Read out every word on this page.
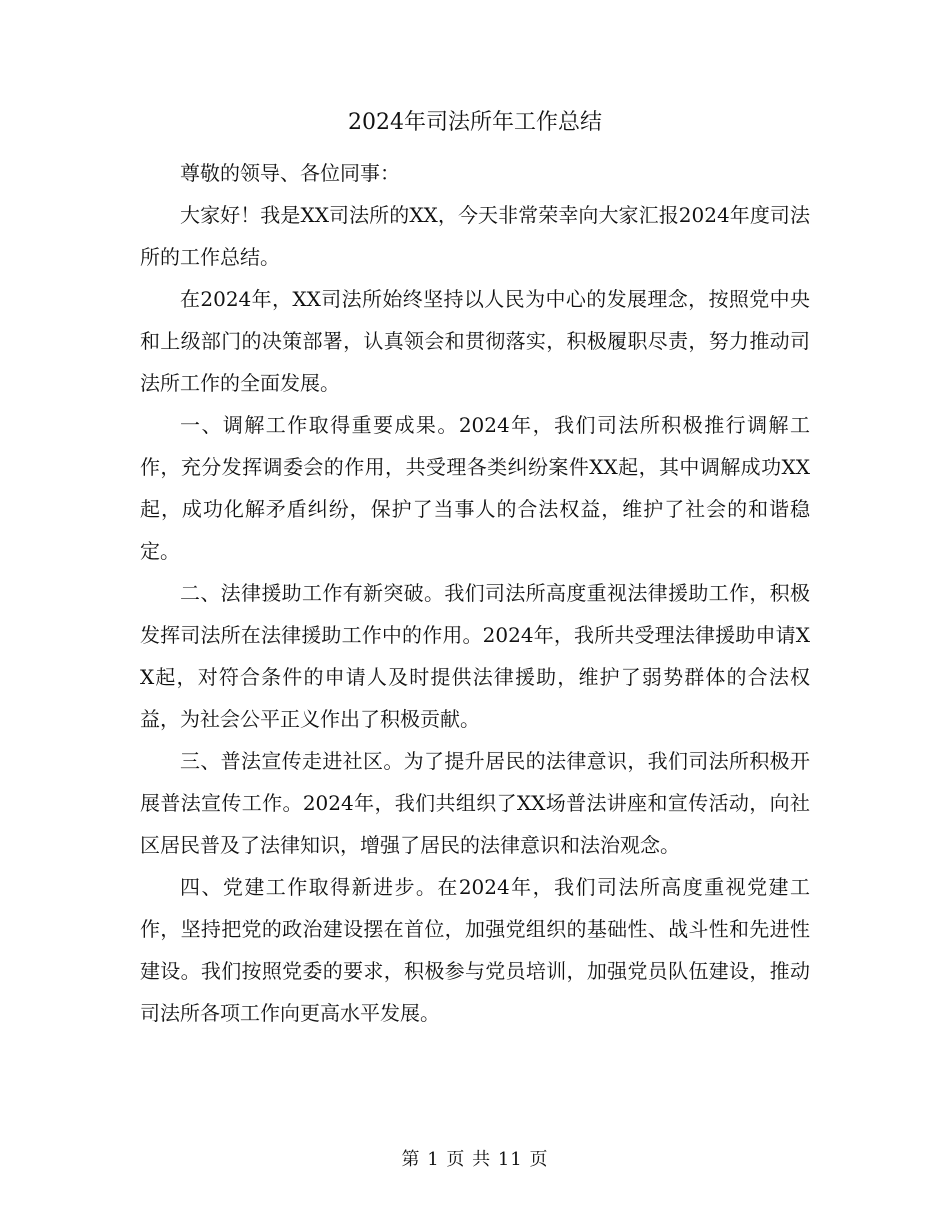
2024年司法所年工作总结

尊敬的领导、各位同事：

大家好！我是XX司法所的XX，今天非常荣幸向大家汇报2024年度司法所的工作总结。

在2024年，XX司法所始终坚持以人民为中心的发展理念，按照党中央和上级部门的决策部署，认真领会和贯彻落实，积极履职尽责，努力推动司法所工作的全面发展。

一、调解工作取得重要成果。2024年，我们司法所积极推行调解工作，充分发挥调委会的作用，共受理各类纠纷案件XX起，其中调解成功XX起，成功化解矛盾纠纷，保护了当事人的合法权益，维护了社会的和谐稳定。

二、法律援助工作有新突破。我们司法所高度重视法律援助工作，积极发挥司法所在法律援助工作中的作用。2024年，我所共受理法律援助申请XX起，对符合条件的申请人及时提供法律援助，维护了弱势群体的合法权益，为社会公平正义作出了积极贡献。

三、普法宣传走进社区。为了提升居民的法律意识，我们司法所积极开展普法宣传工作。2024年，我们共组织了XX场普法讲座和宣传活动，向社区居民普及了法律知识，增强了居民的法律意识和法治观念。

四、党建工作取得新进步。在2024年，我们司法所高度重视党建工作，坚持把党的政治建设摆在首位，加强党组织的基础性、战斗性和先进性建设。我们按照党委的要求，积极参与党员培训，加强党员队伍建设，推动司法所各项工作向更高水平发展。

第 1 页 共 11 页
